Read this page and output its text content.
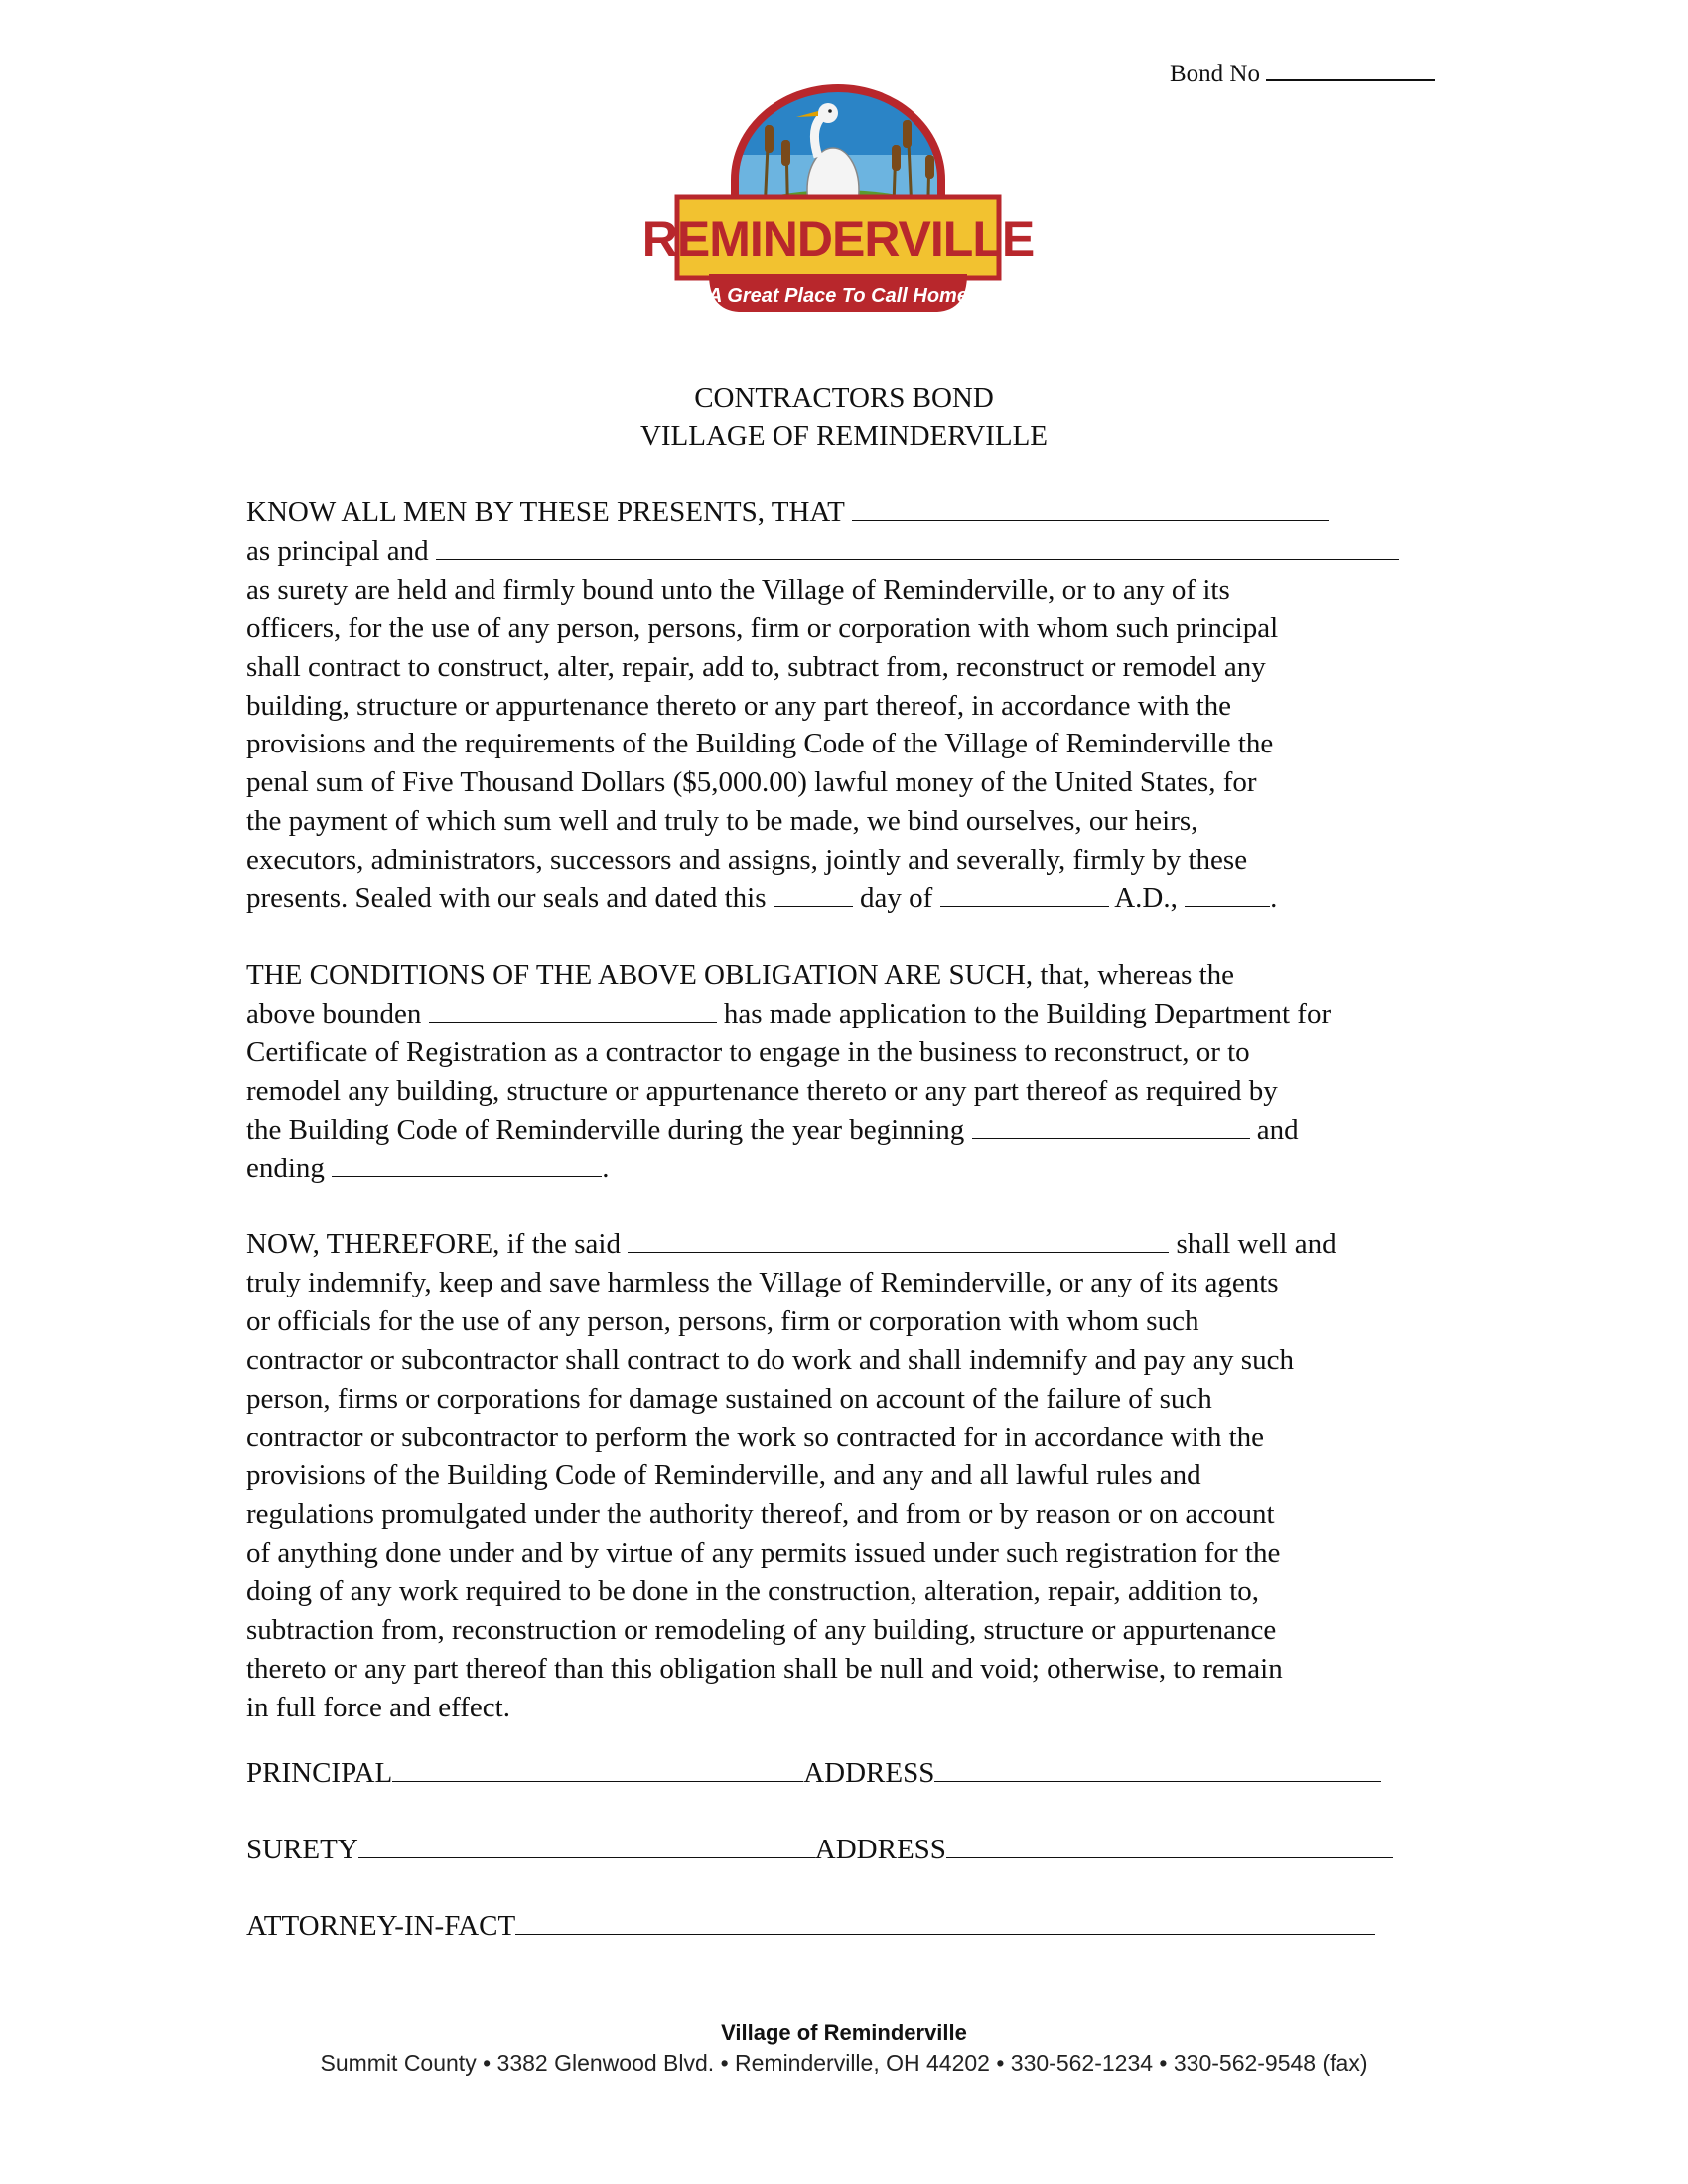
Bond No
REMINDERVILLE
A Great Place To Call Home
CONTRACTORS BOND
VILLAGE OF REMINDERVILLE
KNOW ALL MEN BY THESE PRESENTS, THAT
as principal and
as surety are held and firmly bound unto the Village of Reminderville, or to any of its
officers, for the use of any person, persons, firm or corporation with whom such principal
shall contract to construct, alter, repair, add to, subtract from, reconstruct or remodel any
building, structure or appurtenance thereto or any part thereof, in accordance with the
provisions and the requirements of the Building Code of the Village of Reminderville the
penal sum of Five Thousand Dollars ($5,000.00) lawful money of the United States, for
the payment of which sum well and truly to be made, we bind ourselves, our heirs,
executors, administrators, successors and assigns, jointly and severally, firmly by these
presents. Sealed with our seals and dated this	day of	A.D.,	.
THE CONDITIONS OF THE ABOVE OBLIGATION ARE SUCH, that, whereas the
above bounden	has made application to the Building Department for
Certificate of Registration as a contractor to engage in the business to reconstruct, or to
remodel any building, structure or appurtenance thereto or any part thereof as required by
the Building Code of Reminderville during the year beginning	and
ending	.
NOW, THEREFORE, if the said	shall well and
truly indemnify, keep and save harmless the Village of Reminderville, or any of its agents
or officials for the use of any person, persons, firm or corporation with whom such
contractor or subcontractor shall contract to do work and shall indemnify and pay any such
person, firms or corporations for damage sustained on account of the failure of such
contractor or subcontractor to perform the work so contracted for in accordance with the
provisions of the Building Code of Reminderville, and any and all lawful rules and
regulations promulgated under the authority thereof, and from or by reason or on account
of anything done under and by virtue of any permits issued under such registration for the
doing of any work required to be done in the construction, alteration, repair, addition to,
subtraction from, reconstruction or remodeling of any building, structure or appurtenance
thereto or any part thereof than this obligation shall be null and void; otherwise, to remain
in full force and effect.
PRINCIPAL	ADDRESS
SURETY	ADDRESS
ATTORNEY-IN-FACT
Village of Reminderville
Summit County • 3382 Glenwood Blvd. • Reminderville, OH 44202 • 330-562-1234 • 330-562-9548 (fax)
